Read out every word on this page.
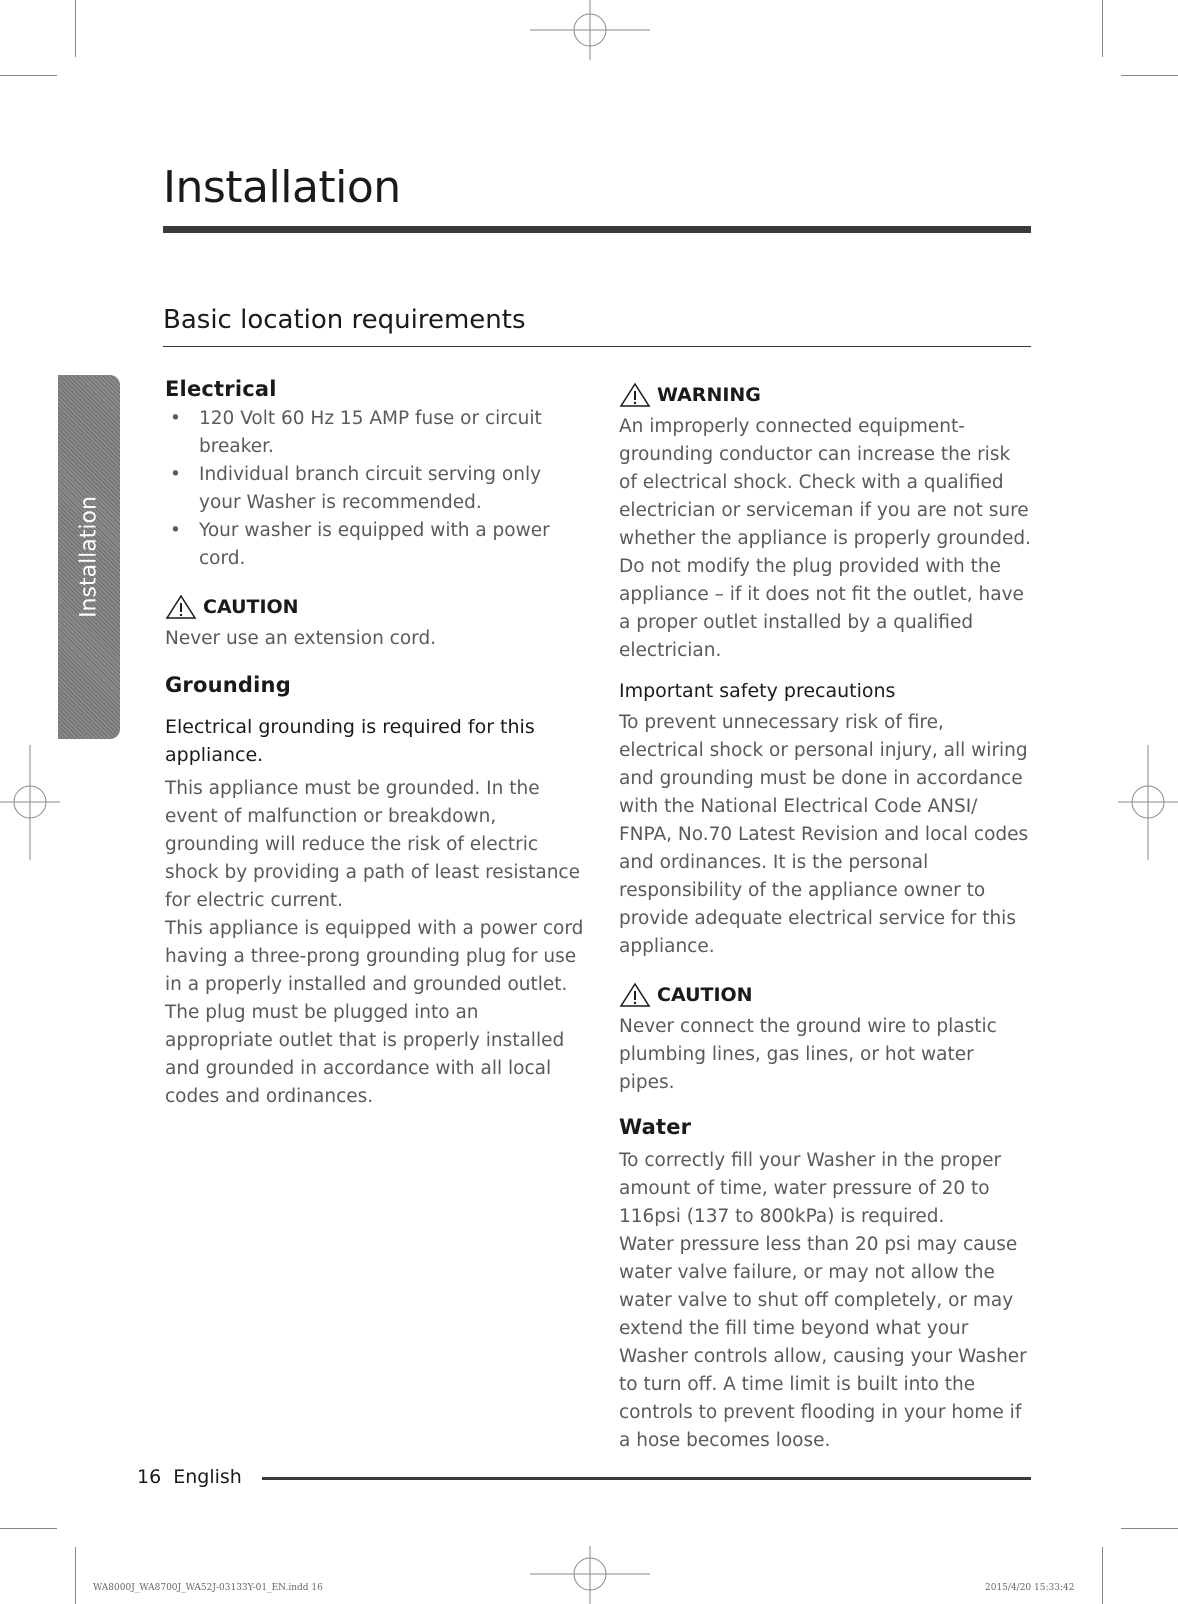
Installation
Basic location requirements
Installation
Electrical
• 120 Volt 60 Hz 15 AMP fuse or circuit breaker.
• Individual branch circuit serving only your Washer is recommended.
• Your washer is equipped with a power cord.
CAUTION

Never use an extension cord.

Grounding

Electrical grounding is required for this appliance.

This appliance must be grounded. In the event of malfunction or breakdown, grounding will reduce the risk of electric shock by providing a path of least resistance for electric current.

This appliance is equipped with a power cord having a three-prong grounding plug for use in a properly installed and grounded outlet.

The plug must be plugged into an appropriate outlet that is properly installed and grounded in accordance with all local codes and ordinances.

WARNING

An improperly connected equipment-grounding conductor can increase the risk of electrical shock. Check with a qualified electrician or serviceman if you are not sure whether the appliance is properly grounded. Do not modify the plug provided with the appliance – if it does not fit the outlet, have a proper outlet installed by a qualified electrician.

Important safety precautions

To prevent unnecessary risk of fire, electrical shock or personal injury, all wiring and grounding must be done in accordance with the National Electrical Code ANSI/ FNPA, No.70 Latest Revision and local codes and ordinances. It is the personal responsibility of the appliance owner to provide adequate electrical service for this appliance.

CAUTION

Never connect the ground wire to plastic plumbing lines, gas lines, or hot water pipes.

Water

To correctly fill your Washer in the proper amount of time, water pressure of 20 to 116psi (137 to 800kPa) is required.

Water pressure less than 20 psi may cause water valve failure, or may not allow the water valve to shut off completely, or may extend the fill time beyond what your Washer controls allow, causing your Washer to turn off. A time limit is built into the controls to prevent flooding in your home if a hose becomes loose.

16 English
WA8000J_WA8700J_WA52J-03133Y-01_EN.indd 16	2015/4/20 15:33:42
